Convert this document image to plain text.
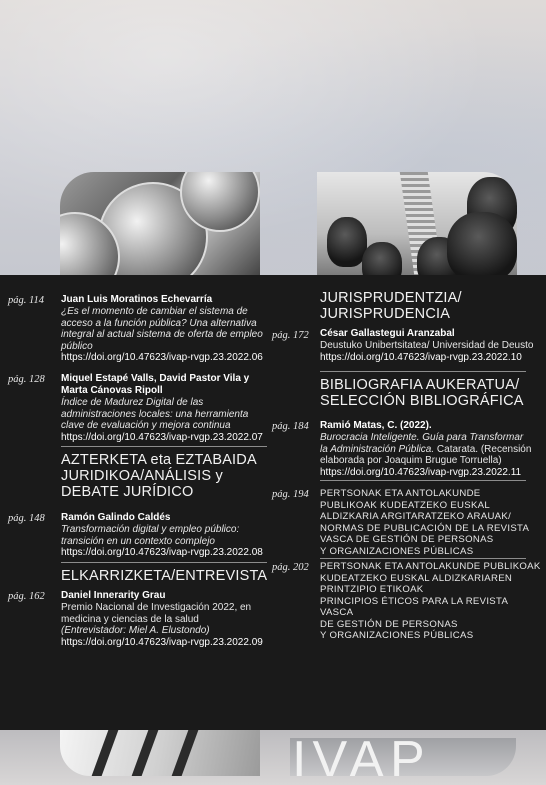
pág. 114 Juan Luis Moratinos Echevarría
¿Es el momento de cambiar el sistema de
acceso a la función pública? Una alternativa
integral al actual sistema de oferta de empleo
público
https://doi.org/10.47623/ivap-rvgp.23.2022.06
pág. 128 Miquel Estapé Valls, David Pastor Vila y
Marta Cánovas Ripoll
Índice de Madurez Digital de las
administraciones locales: una herramienta
clave de evaluación y mejora continua
https://doi.org/10.47623/ivap-rvgp.23.2022.07
AZTERKETA eta EZTABAIDA
JURIDIKOA/ANÁLISIS y
DEBATE JURÍDICO
pág. 148 Ramón Galindo Caldés
Transformación digital y empleo público:
transición en un contexto complejo
https://doi.org/10.47623/ivap-rvgp.23.2022.08
ELKARRIZKETA/ENTREVISTA
pág. 162 Daniel Innerarity Grau
Premio Nacional de Investigación 2022, en
medicina y ciencias de la salud
(Entrevistador: Miel A. Elustondo)
https://doi.org/10.47623/ivap-rvgp.23.2022.09
JURISPRUDENTZIA/
JURISPRUDENCIA
pág. 172 César Gallastegui Aranzabal
Deustuko Unibertsitatea/ Universidad de Deusto
https://doi.org/10.47623/ivap-rvgp.23.2022.10
BIBLIOGRAFIA AUKERATUA/
SELECCIÓN BIBLIOGRÁFICA
pág. 184 Ramió Matas, C. (2022).
Burocracia Inteligente. Guía para Transformar
la Administración Pública. Catarata. (Recensión
elaborada por Joaquim Brugue Torruella)
https://doi.org/10.47623/ivap-rvgp.23.2022.11
pág. 194 PERTSONAK ETA ANTOLAKUNDE
PUBLIKOAK KUDEATZEKO EUSKAL
ALDIZKARIA ARGITARATZEKO ARAUAK/
NORMAS DE PUBLICACIÓN DE LA REVISTA
VASCA DE GESTIÓN DE PERSONAS
Y ORGANIZACIONES PÚBLICAS
pág. 202 PERTSONAK ETA ANTOLAKUNDE PUBLIKOAK
KUDEATZEKO EUSKAL ALDIZKARIAREN
PRINTZIPIO ETIKOAK
PRINCIPIOS ÉTICOS PARA LA REVISTA VASCA
DE GESTIÓN DE PERSONAS
Y ORGANIZACIONES PÚBLICAS
IVAP
